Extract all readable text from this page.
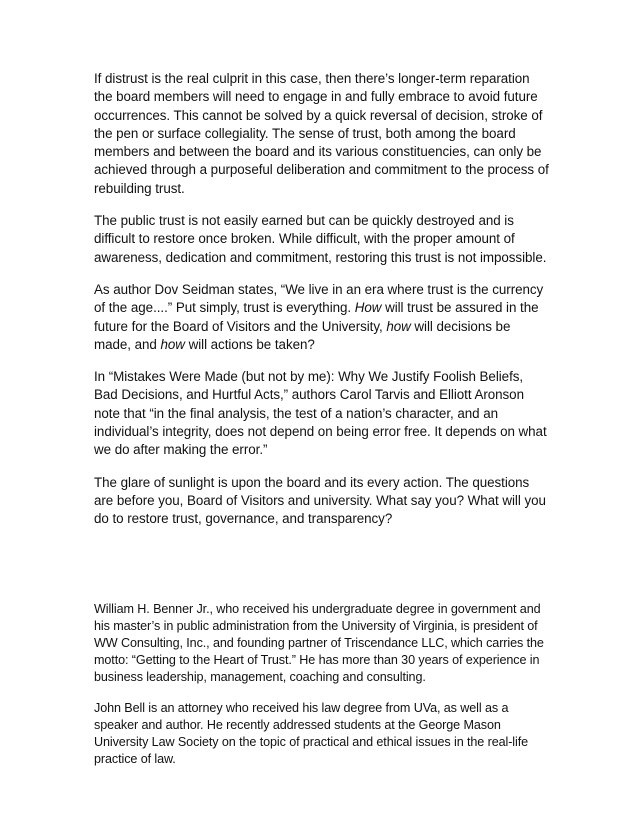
If distrust is the real culprit in this case, then there’s longer-term reparation the board members will need to engage in and fully embrace to avoid future occurrences. This cannot be solved by a quick reversal of decision, stroke of the pen or surface collegiality. The sense of trust, both among the board members and between the board and its various constituencies, can only be achieved through a purposeful deliberation and commitment to the process of rebuilding trust.

The public trust is not easily earned but can be quickly destroyed and is difficult to restore once broken. While difficult, with the proper amount of awareness, dedication and commitment, restoring this trust is not impossible.

As author Dov Seidman states, “We live in an era where trust is the currency of the age....” Put simply, trust is everything. How will trust be assured in the future for the Board of Visitors and the University, how will decisions be made, and how will actions be taken?

In “Mistakes Were Made (but not by me): Why We Justify Foolish Beliefs, Bad Decisions, and Hurtful Acts,” authors Carol Tarvis and Elliott Aronson note that “in the final analysis, the test of a nation’s character, and an individual’s integrity, does not depend on being error free. It depends on what we do after making the error.”

The glare of sunlight is upon the board and its every action. The questions are before you, Board of Visitors and university. What say you? What will you do to restore trust, governance, and transparency?

William H. Benner Jr., who received his undergraduate degree in government and his master’s in public administration from the University of Virginia, is president of WW Consulting, Inc., and founding partner of Triscendance LLC, which carries the motto: “Getting to the Heart of Trust.” He has more than 30 years of experience in business leadership, management, coaching and consulting.

John Bell is an attorney who received his law degree from UVa, as well as a speaker and author. He recently addressed students at the George Mason University Law Society on the topic of practical and ethical issues in the real-life practice of law.
